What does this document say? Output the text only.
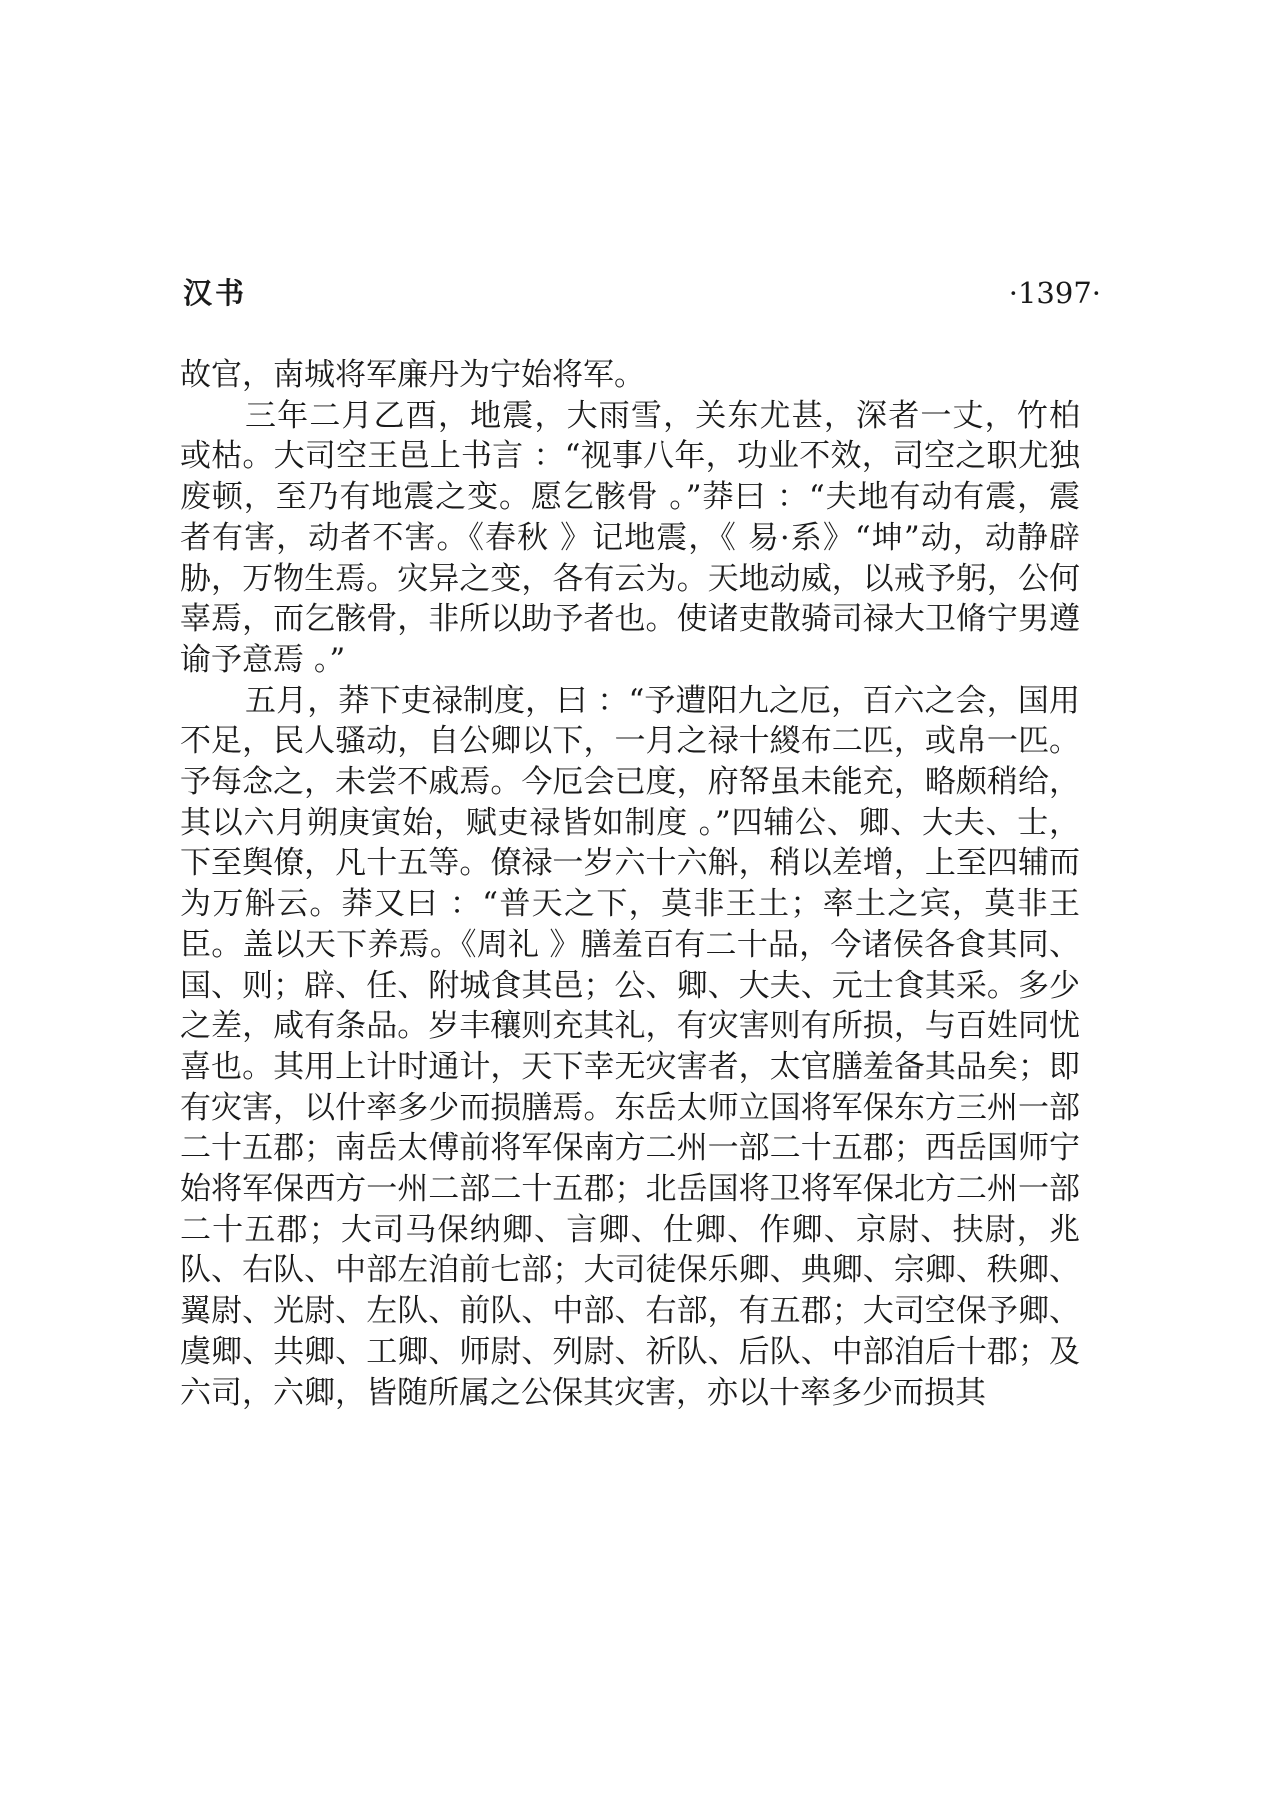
汉书	·1397·

故官，南城将军廉丹为宁始将军。

三年二月乙酉，地震，大雨雪，关东尤甚，深者一丈，竹柏或枯。大司空王邑上书言 ：“视事八年，功业不效，司空之职尤独废顿，至乃有地震之变。愿乞骸骨 。”莽曰 ：“夫地有动有震，震者有害，动者不害。《春秋 》记地震，《 易·系》“坤”动，动静辟胁，万物生焉。灾异之变，各有云为。天地动威，以戒予躬，公何辜焉，而乞骸骨，非所以助予者也。使诸吏散骑司禄大卫脩宁男遵谕予意焉 。”

五月，莽下吏禄制度，曰 ：“予遭阳九之厄，百六之会，国用不足，民人骚动，自公卿以下，一月之禄十緵布二匹，或帛一匹。予每念之，未尝不戚焉。今厄会已度，府帑虽未能充，略颇稍给，其以六月朔庚寅始，赋吏禄皆如制度 。”四辅公、卿、大夫、士，下至舆僚，凡十五等。僚禄一岁六十六斛，稍以差增，上至四辅而为万斛云。莽又曰 ：“普天之下，莫非王土；率土之宾，莫非王臣。盖以天下养焉。《周礼 》膳羞百有二十品，今诸侯各食其同、国、则；辟、任、附城食其邑；公、卿、大夫、元士食其采。多少之差，咸有条品。岁丰穰则充其礼，有灾害则有所损，与百姓同忧喜也。其用上计时通计，天下幸无灾害者，太官膳羞备其品矣；即有灾害，以什率多少而损膳焉。东岳太师立国将军保东方三州一部二十五郡；南岳太傅前将军保南方二州一部二十五郡；西岳国师宁始将军保西方一州二部二十五郡；北岳国将卫将军保北方二州一部二十五郡；大司马保纳卿、言卿、仕卿、作卿、京尉、扶尉，兆队、右队、中部左洎前七部；大司徒保乐卿、典卿、宗卿、秩卿、翼尉、光尉、左队、前队、中部、右部，有五郡；大司空保予卿、虞卿、共卿、工卿、师尉、列尉、祈队、后队、中部洎后十郡；及六司，六卿，皆随所属之公保其灾害，亦以十率多少而损其
